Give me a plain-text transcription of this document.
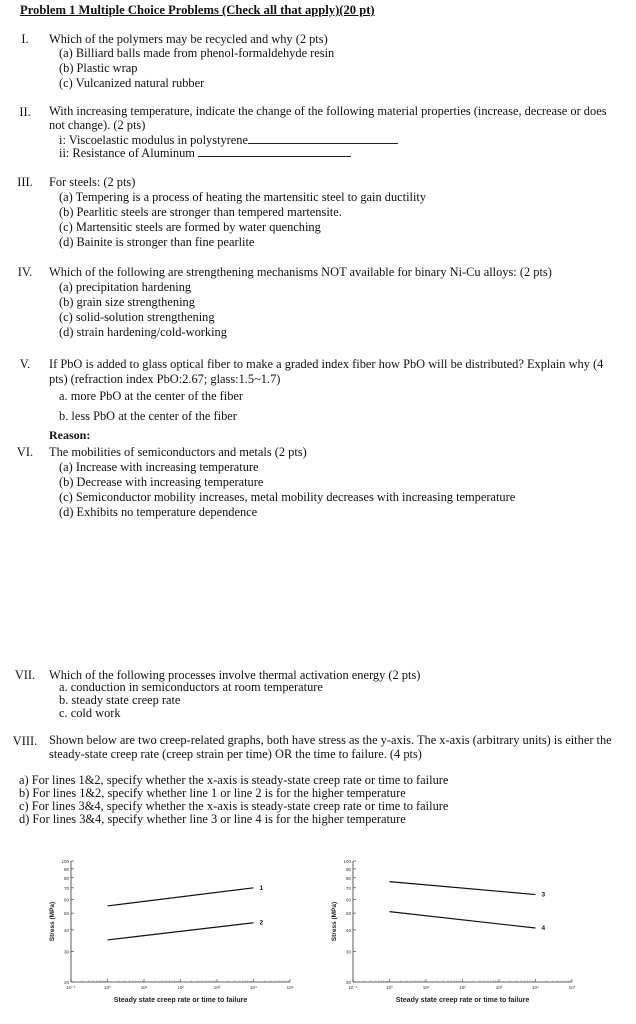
Problem 1 Multiple Choice Problems (Check all that apply)(20 pt)
I.	Which of the polymers may be recycled and why (2 pts)
(a) Billiard balls made from phenol-formaldehyde resin
(b) Plastic wrap
(c) Vulcanized natural rubber
II.	With increasing temperature, indicate the change of the following material properties (increase, decrease or does not change). (2 pts)
i: Viscoelastic modulus in polystyrene
ii: Resistance of Aluminum
III.	For steels: (2 pts)
(a) Tempering is a process of heating the martensitic steel to gain ductility
(b) Pearlitic steels are stronger than tempered martensite.
(c) Martensitic steels are formed by water quenching
(d) Bainite is stronger than fine pearlite
IV.	Which of the following are strengthening mechanisms NOT available for binary Ni-Cu alloys: (2 pts)
(a) precipitation hardening
(b) grain size strengthening
(c) solid-solution strengthening
(d) strain hardening/cold-working
V.	If PbO is added to glass optical fiber to make a graded index fiber how PbO will be distributed? Explain why (4 pts) (refraction index PbO:2.67; glass:1.5~1.7)
a. more PbO at the center of the fiber
b. less PbO at the center of the fiber
Reason:
VI.	The mobilities of semiconductors and metals (2 pts)
(a) Increase with increasing temperature
(b) Decrease with increasing temperature
(c) Semiconductor mobility increases, metal mobility decreases with increasing temperature
(d) Exhibits no temperature dependence
VII.	Which of the following processes involve thermal activation energy (2 pts)
a. conduction in semiconductors at room temperature
b. steady state creep rate
c. cold work
VIII. Shown below are two creep-related graphs, both have stress as the y-axis. The x-axis (arbitrary units) is either the steady-state creep rate (creep strain per time) OR the time to failure. (4 pts)
a) For lines 1&2, specify whether the x-axis is steady-state creep rate or time to failure
b) For lines 1&2, specify whether line 1 or line 2 is for the higher temperature
c) For lines 3&4, specify whether the x-axis is steady-state creep rate or time to failure
d) For lines 3&4, specify whether line 3 or line 4 is for the higher temperature
100
90
80
70
60
50
40
30
20
10⁻¹	10⁰	10¹	10²	10³	10⁴	10⁵
Steady state creep rate or time to failure
Stress (MPa)
1
2
100
90
80
70
60
50
40
30
20
10⁻¹	10⁰	10¹	10²	10³	10⁴	10⁵
Steady state creep rate or time to failure
Stress (MPa)
3
4
